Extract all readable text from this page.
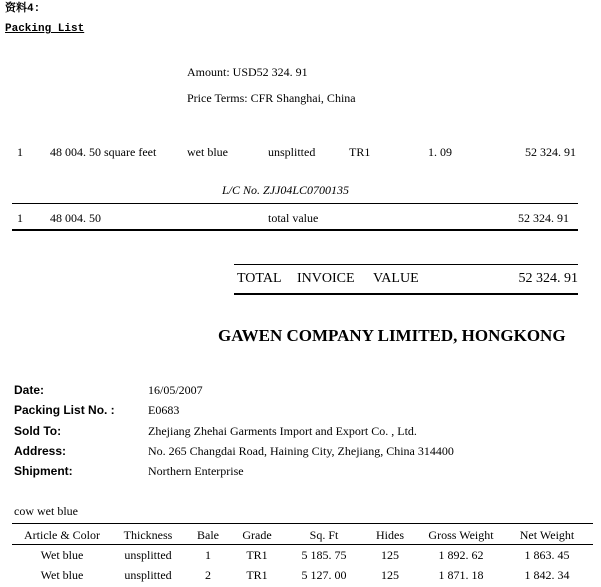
资料4:
Packing List
Amount: USD52 324. 91
Price Terms: CFR Shanghai, China
1 48 004. 50 square feet	wet blue	unsplitted	TR1	1. 09	52 324. 91
L/C No. ZJJ04LC0700135
1 48 004. 50	total value	52 324. 91
TOTAL INVOICE VALUE	52 324. 91
GAWEN COMPANY LIMITED, HONGKONG
Date:	16/05/2007
Packing List No. :	E0683
Sold To:	Zhejiang Zhehai Garments Import and Export Co. , Ltd.
Address:	No. 265 Changdai Road, Haining City, Zhejiang, China 314400
Shipment:	Northern Enterprise
cow wet blue
Article & Color	Thickness	Bale	Grade	Sq. Ft	Hides	Gross Weight	Net Weight
Wet blue	unsplitted	1	TR1	5 185. 75	125	1 892. 62	1 863. 45
Wet blue	unsplitted	2	TR1	5 127. 00	125	1 871. 18	1 842. 34
